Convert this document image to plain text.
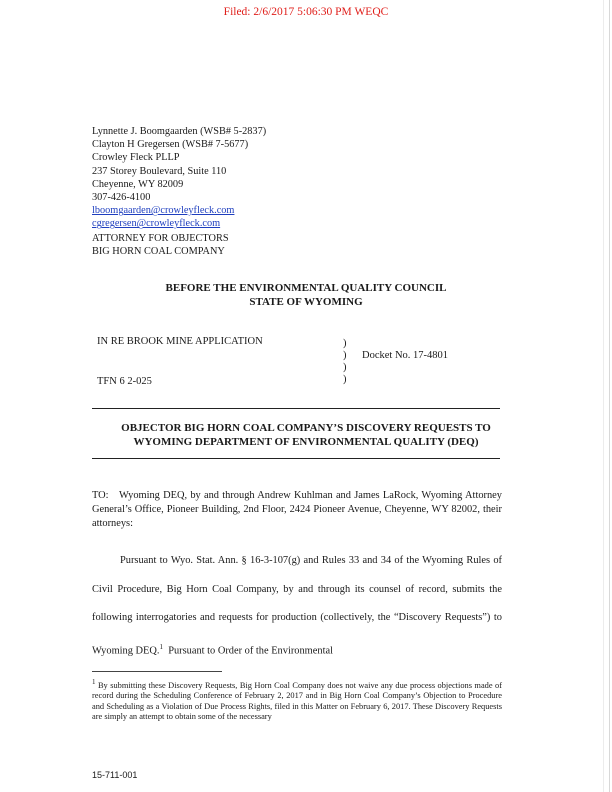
Filed: 2/6/2017 5:06:30 PM WEQC
Lynnette J. Boomgaarden (WSB# 5-2837)
Clayton H Gregersen (WSB# 7-5677)
Crowley Fleck PLLP
237 Storey Boulevard, Suite 110
Cheyenne, WY 82009
307-426-4100
lboomgaarden@crowleyfleck.com
cgregersen@crowleyfleck.com
ATTORNEY FOR OBJECTORS
BIG HORN COAL COMPANY
BEFORE THE ENVIRONMENTAL QUALITY COUNCIL
STATE OF WYOMING
IN RE BROOK MINE APPLICATION
TFN 6 2-025
)
)
)
)
Docket No. 17-4801
OBJECTOR BIG HORN COAL COMPANY’S DISCOVERY REQUESTS TO
WYOMING DEPARTMENT OF ENVIRONMENTAL QUALITY (DEQ)
TO: Wyoming DEQ, by and through Andrew Kuhlman and James LaRock, Wyoming Attorney General’s Office, Pioneer Building, 2nd Floor, 2424 Pioneer Avenue, Cheyenne, WY 82002, their attorneys:
Pursuant to Wyo. Stat. Ann. § 16-3-107(g) and Rules 33 and 34 of the Wyoming Rules of Civil Procedure, Big Horn Coal Company, by and through its counsel of record, submits the following interrogatories and requests for production (collectively, the “Discovery Requests”) to Wyoming DEQ.$^1$ Pursuant to Order of the Environmental
$^1$ By submitting these Discovery Requests, Big Horn Coal Company does not waive any due process objections made of record during the Scheduling Conference of February 2, 2017 and in Big Horn Coal Company’s Objection to Procedure and Scheduling as a Violation of Due Process Rights, filed in this Matter on February 6, 2017. These Discovery Requests are simply an attempt to obtain some of the necessary
15-711-001
